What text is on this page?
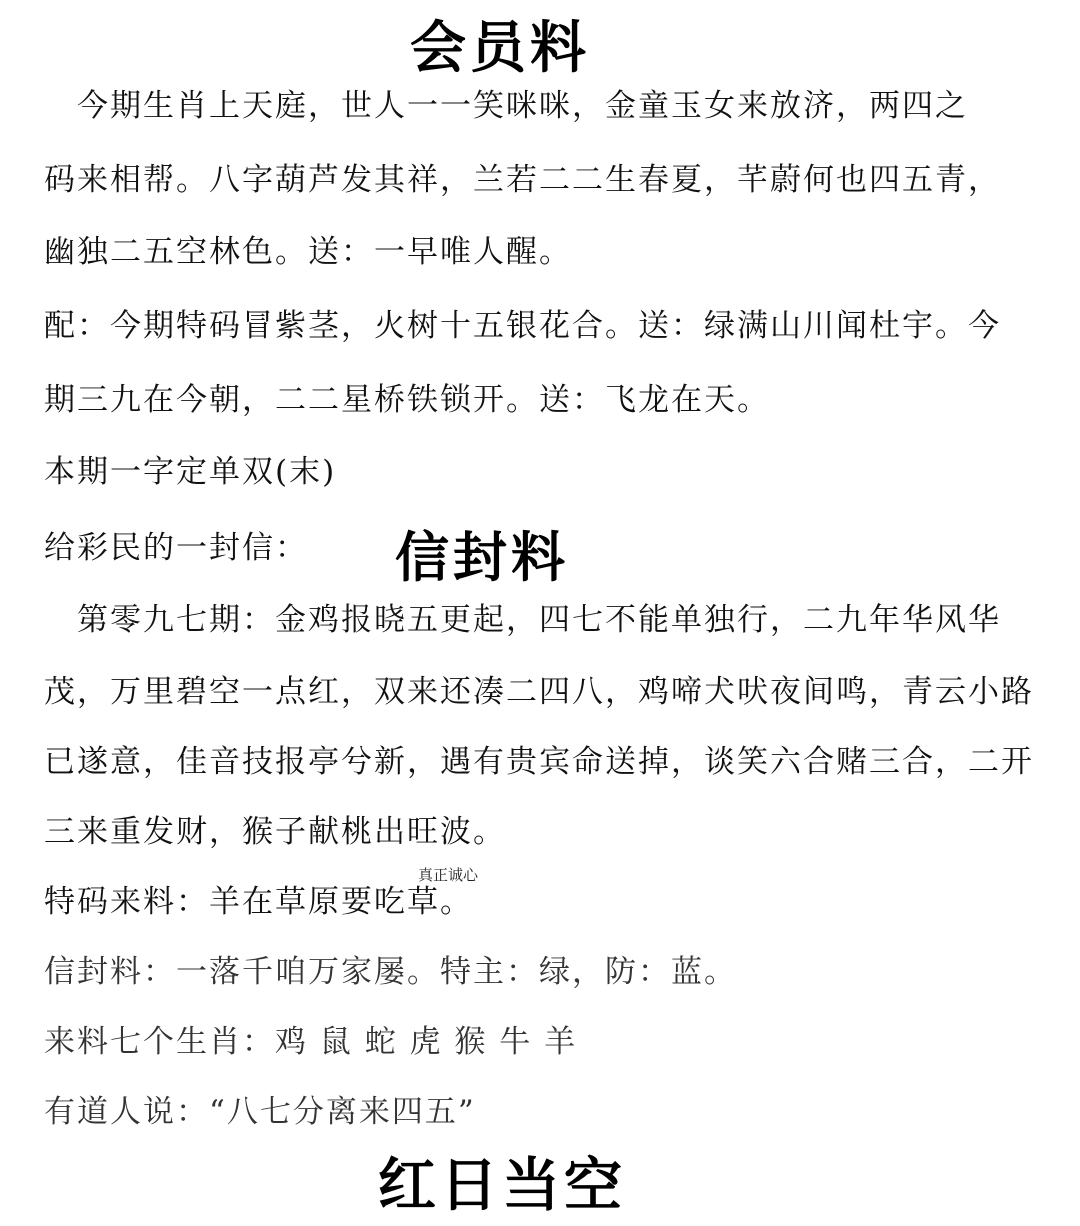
会员料
　今期生肖上天庭，世人一一笑咪咪，金童玉女来放济，两四之
码来相帮。八字葫芦发其祥，兰若二二生春夏，芊蔚何也四五青，
幽独二五空林色。送：一早唯人醒。
配：今期特码冒紫茎，火树十五银花合。送：绿满山川闻杜宇。今
期三九在今朝，二二星桥铁锁开。送：飞龙在天。
本期一字定单双(末)
给彩民的一封信： 信封料
　第零九七期：金鸡报晓五更起，四七不能单独行，二九年华风华
茂，万里碧空一点红，双来还凑二四八，鸡啼犬吠夜间鸣，青云小路
已遂意，佳音技报亭兮新，遇有贵宾命送掉，谈笑六合赌三合，二开
三来重发财，猴子献桃出旺波。
真正诚心
特码来料：羊在草原要吃草。
信封料：一落千咱万家屡。特主：绿，防：蓝。
来料七个生肖：鸡 鼠 蛇 虎 猴 牛 羊
有道人说：“八七分离来四五”
红日当空
